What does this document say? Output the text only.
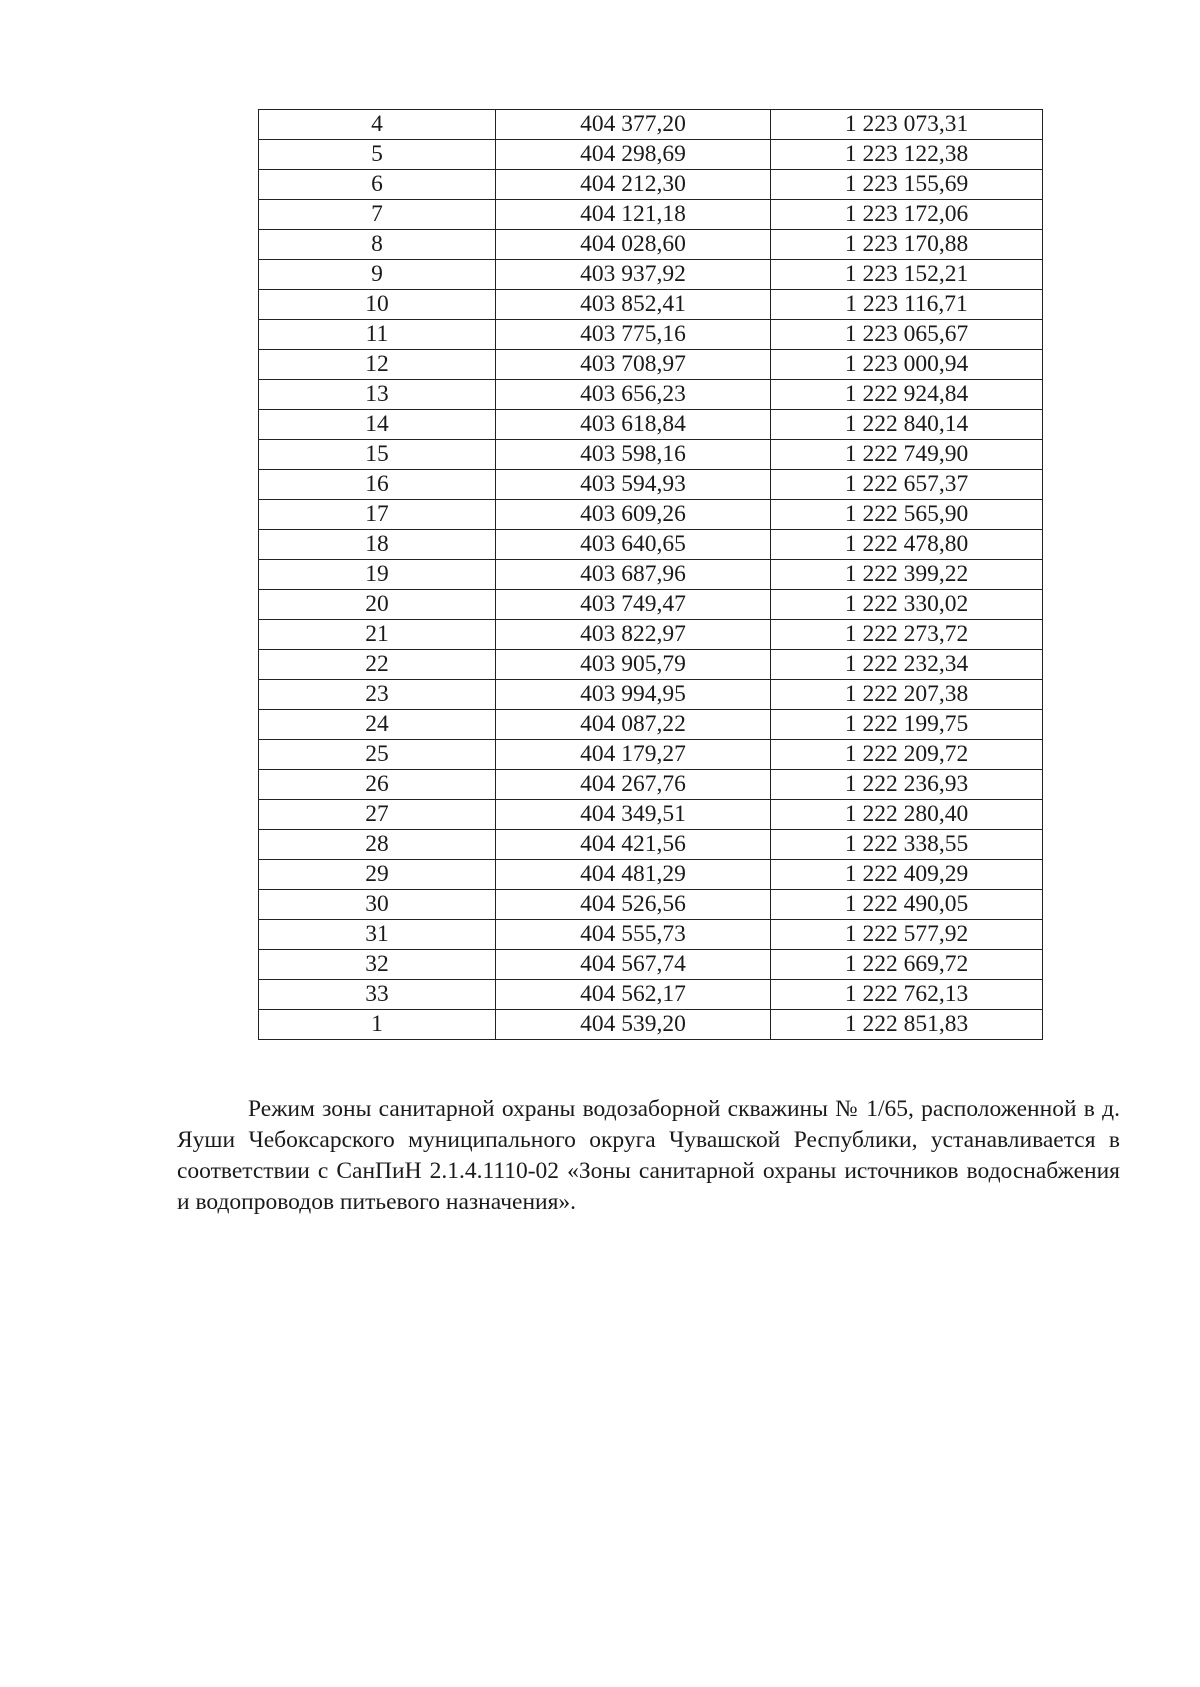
4	404 377,20	1 223 073,31
5	404 298,69	1 223 122,38
6	404 212,30	1 223 155,69
7	404 121,18	1 223 172,06
8	404 028,60	1 223 170,88
9	403 937,92	1 223 152,21
10	403 852,41	1 223 116,71
11	403 775,16	1 223 065,67
12	403 708,97	1 223 000,94
13	403 656,23	1 222 924,84
14	403 618,84	1 222 840,14
15	403 598,16	1 222 749,90
16	403 594,93	1 222 657,37
17	403 609,26	1 222 565,90
18	403 640,65	1 222 478,80
19	403 687,96	1 222 399,22
20	403 749,47	1 222 330,02
21	403 822,97	1 222 273,72
22	403 905,79	1 222 232,34
23	403 994,95	1 222 207,38
24	404 087,22	1 222 199,75
25	404 179,27	1 222 209,72
26	404 267,76	1 222 236,93
27	404 349,51	1 222 280,40
28	404 421,56	1 222 338,55
29	404 481,29	1 222 409,29
30	404 526,56	1 222 490,05
31	404 555,73	1 222 577,92
32	404 567,74	1 222 669,72
33	404 562,17	1 222 762,13
1	404 539,20	1 222 851,83

Режим зоны санитарной охраны водозаборной скважины № 1/65, расположенной в д. Яуши Чебоксарского муниципального округа Чувашской Республики, устанавливается в соответствии с СанПиН 2.1.4.1110-02 «Зоны санитарной охраны источников водоснабжения и водопроводов питьевого назначения».
